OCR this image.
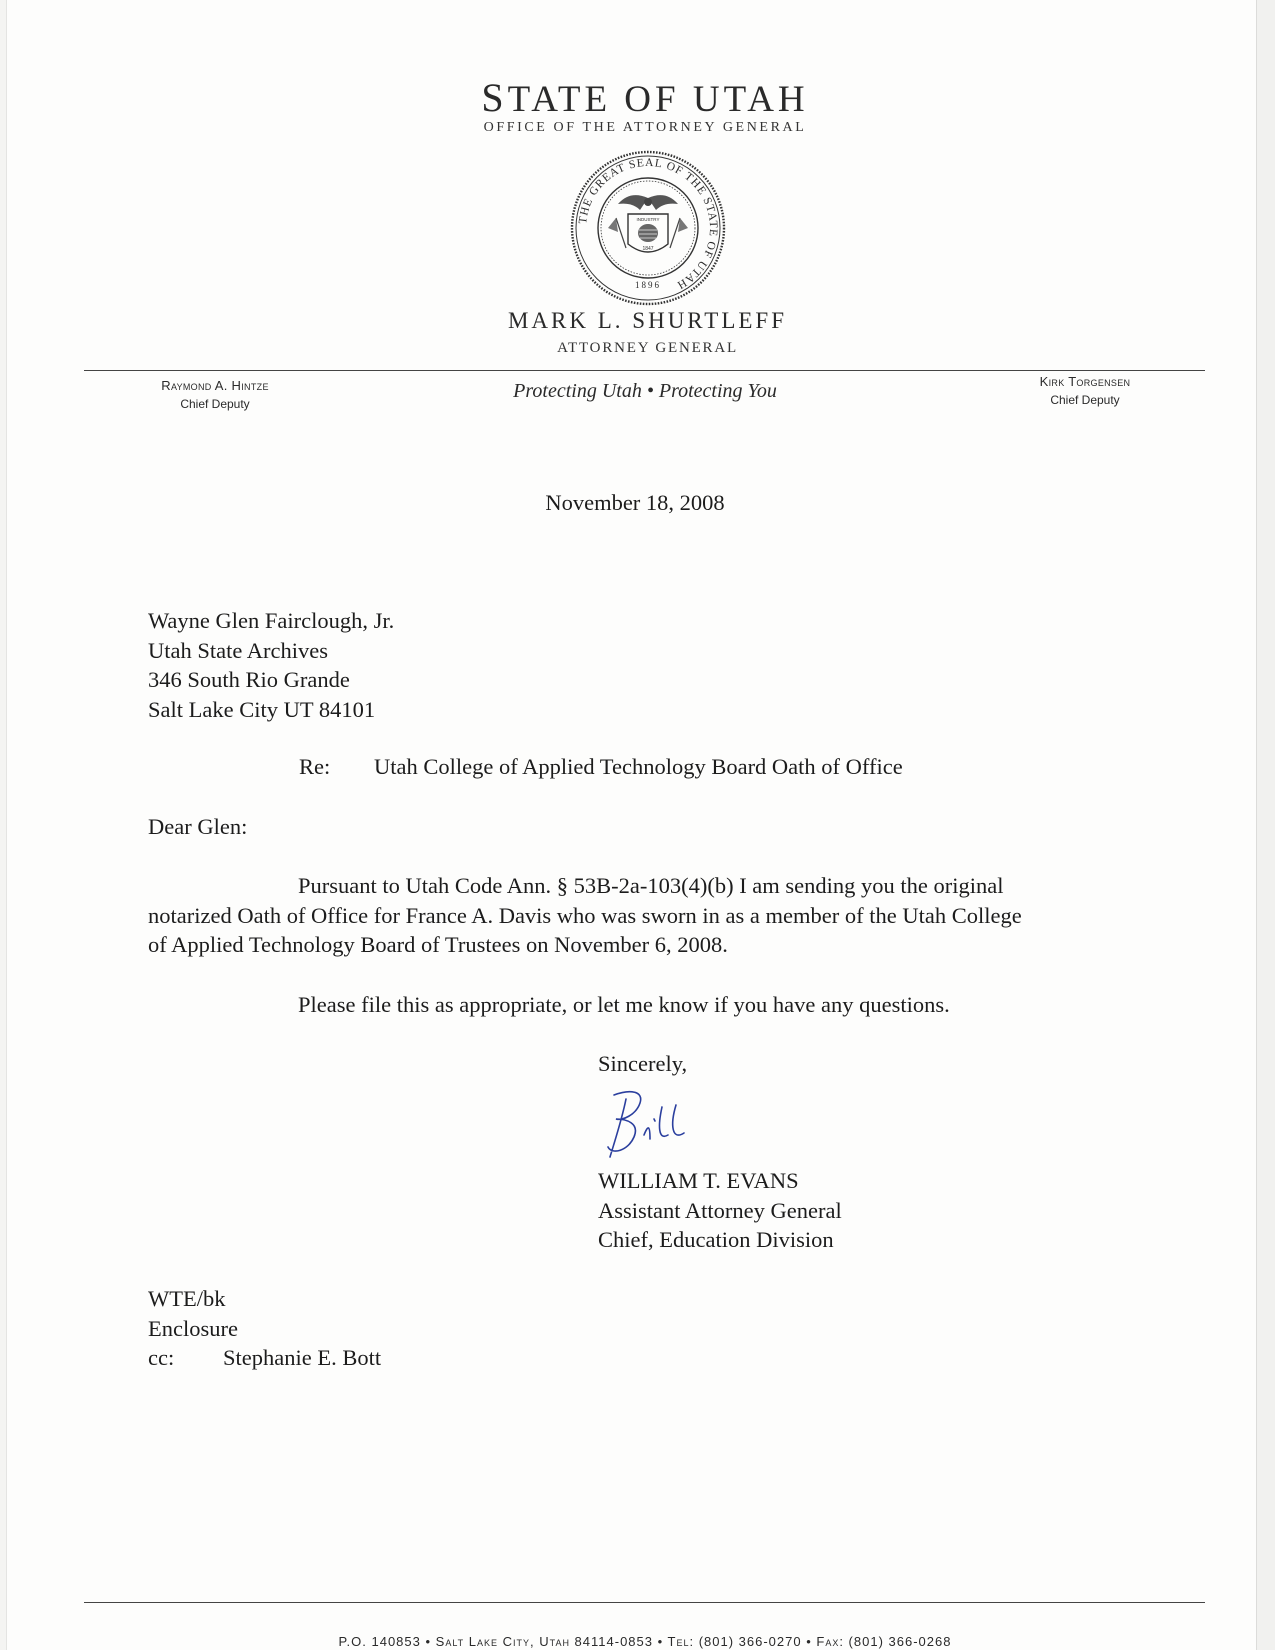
STATE OF UTAH
OFFICE OF THE ATTORNEY GENERAL
THE GREAT SEAL OF THE STATE OF UTAH
1896
INDUSTRY
1847
MARK L. SHURTLEFF
ATTORNEY GENERAL
Raymond A. Hintze
Chief Deputy
Protecting Utah • Protecting You	Kirk Torgensen
Chief Deputy
November 18, 2008
Wayne Glen Fairclough, Jr.
Utah State Archives
346 South Rio Grande
Salt Lake City UT 84101
Re: Utah College of Applied Technology Board Oath of Office
Dear Glen:
Pursuant to Utah Code Ann. § 53B-2a-103(4)(b) I am sending you the original
notarized Oath of Office for France A. Davis who was sworn in as a member of the Utah College
of Applied Technology Board of Trustees on November 6, 2008.
Please file this as appropriate, or let me know if you have any questions.
Sincerely,
WILLIAM T. EVANS
Assistant Attorney General
Chief, Education Division
WTE/bk
Enclosure
cc: Stephanie E. Bott
P.O. 140853 • Salt Lake City, Utah 84114-0853 • Tel: (801) 366-0270 • Fax: (801) 366-0268
